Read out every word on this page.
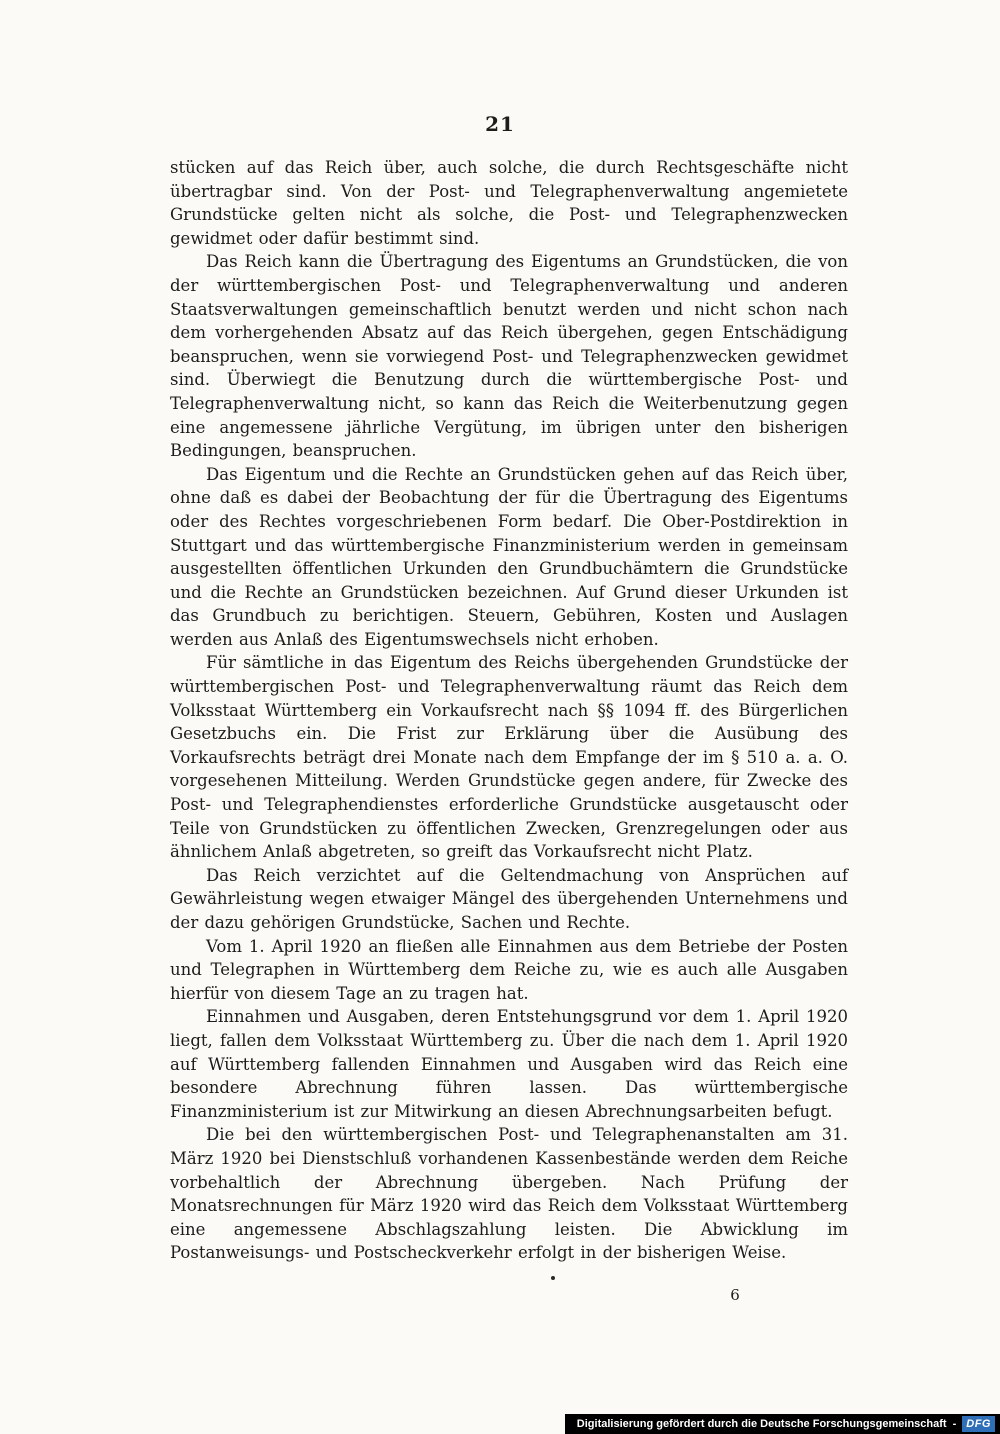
21

stücken auf das Reich über, auch solche, die durch Rechtsgeschäfte nicht übertragbar sind. Von der Post- und Telegraphenverwaltung angemietete Grundstücke gelten nicht als solche, die Post- und Telegraphenzwecken gewidmet oder dafür bestimmt sind.

Das Reich kann die Übertragung des Eigentums an Grundstücken, die von der württembergischen Post- und Telegraphenverwaltung und anderen Staatsverwaltungen gemeinschaftlich benutzt werden und nicht schon nach dem vorhergehenden Absatz auf das Reich übergehen, gegen Entschädigung beanspruchen, wenn sie vorwiegend Post- und Telegraphenzwecken gewidmet sind. Überwiegt die Benutzung durch die württembergische Post- und Telegraphenverwaltung nicht, so kann das Reich die Weiterbenutzung gegen eine angemessene jährliche Vergütung, im übrigen unter den bisherigen Bedingungen, beanspruchen.

Das Eigentum und die Rechte an Grundstücken gehen auf das Reich über, ohne daß es dabei der Beobachtung der für die Übertragung des Eigentums oder des Rechtes vorgeschriebenen Form bedarf. Die Ober-Postdirektion in Stuttgart und das württembergische Finanzministerium werden in gemeinsam ausgestellten öffentlichen Urkunden den Grundbuchämtern die Grundstücke und die Rechte an Grundstücken bezeichnen. Auf Grund dieser Urkunden ist das Grundbuch zu berichtigen. Steuern, Gebühren, Kosten und Auslagen werden aus Anlaß des Eigentumswechsels nicht erhoben.

Für sämtliche in das Eigentum des Reichs übergehenden Grundstücke der württembergischen Post- und Telegraphenverwaltung räumt das Reich dem Volksstaat Württemberg ein Vorkaufsrecht nach §§ 1094 ff. des Bürgerlichen Gesetzbuchs ein. Die Frist zur Erklärung über die Ausübung des Vorkaufsrechts beträgt drei Monate nach dem Empfange der im § 510 a. a. O. vorgesehenen Mitteilung. Werden Grundstücke gegen andere, für Zwecke des Post- und Telegraphendienstes erforderliche Grundstücke ausgetauscht oder Teile von Grundstücken zu öffentlichen Zwecken, Grenzregelungen oder aus ähnlichem Anlaß abgetreten, so greift das Vorkaufsrecht nicht Platz.

Das Reich verzichtet auf die Geltendmachung von Ansprüchen auf Gewährleistung wegen etwaiger Mängel des übergehenden Unternehmens und der dazu gehörigen Grundstücke, Sachen und Rechte.

Vom 1. April 1920 an fließen alle Einnahmen aus dem Betriebe der Posten und Telegraphen in Württemberg dem Reiche zu, wie es auch alle Ausgaben hierfür von diesem Tage an zu tragen hat.

Einnahmen und Ausgaben, deren Entstehungsgrund vor dem 1. April 1920 liegt, fallen dem Volksstaat Württemberg zu. Über die nach dem 1. April 1920 auf Württemberg fallenden Einnahmen und Ausgaben wird das Reich eine besondere Abrechnung führen lassen. Das württembergische Finanzministerium ist zur Mitwirkung an diesen Abrechnungsarbeiten befugt.

Die bei den württembergischen Post- und Telegraphenanstalten am 31. März 1920 bei Dienstschluß vorhandenen Kassenbestände werden dem Reiche vorbehaltlich der Abrechnung übergeben. Nach Prüfung der Monatsrechnungen für März 1920 wird das Reich dem Volksstaat Württemberg eine angemessene Abschlagszahlung leisten. Die Abwicklung im Postanweisungs- und Postscheckverkehr erfolgt in der bisherigen Weise.

6
Digitalisierung gefördert durch die Deutsche Forschungsgemeinschaft - DFG
